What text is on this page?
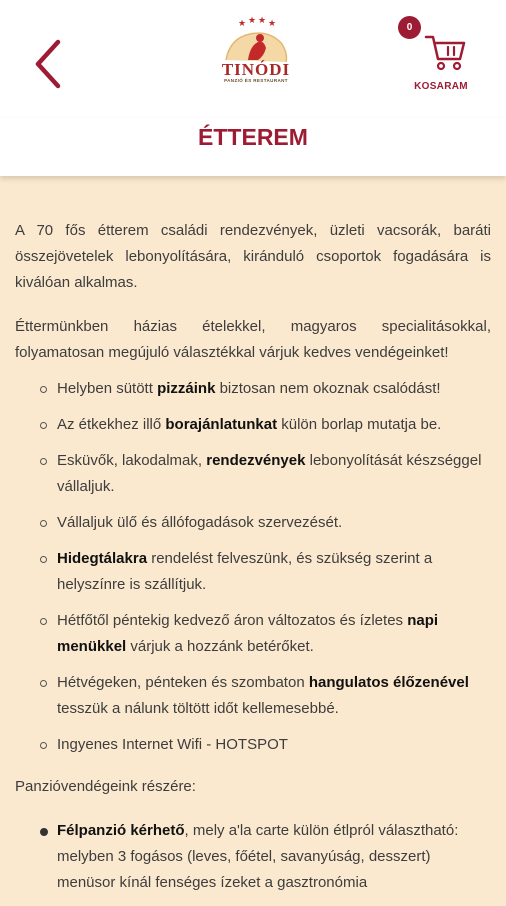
★ ★ ★ ★
TINÓDI
PANZIÓ ÉS RESTAURANT
0
KOSARAM
ÉTTEREM

A 70 fős étterem családi rendezvények, üzleti vacsorák, baráti összejövetelek lebonyolítására, kiránduló csoportok fogadására is kiválóan alkalmas.

Éttermünkben házias ételekkel, magyaros specialitásokkal, folyamatosan megújuló választékkal várjuk kedves vendégeinket!

Helyben sütött pizzáink biztosan nem okoznak csalódást!
Az étkekhez illő borajánlatunkat külön borlap mutatja be.
Esküvők, lakodalmak, rendezvények lebonyolítását készséggel vállaljuk.
Vállaljuk ülő és állófogadások szervezését.
Hidegtálakra rendelést felveszünk, és szükség szerint a helyszínre is szállítjuk.
Hétfőtől péntekig kedvező áron változatos és ízletes napi menükkel várjuk a hozzánk betérőket.
Hétvégeken, pénteken és szombaton hangulatos élőzenével tesszük a nálunk töltött időt kellemesebbé.
Ingyenes Internet Wifi - HOTSPOT

Panzióvendégeink részére:

Félpanzió kérhető, mely a'la carte külön étlpról választható: melyben 3 fogásos (leves, főétel, savanyúság, desszert) menüsor kínál fenséges ízeket a gasztronómia
